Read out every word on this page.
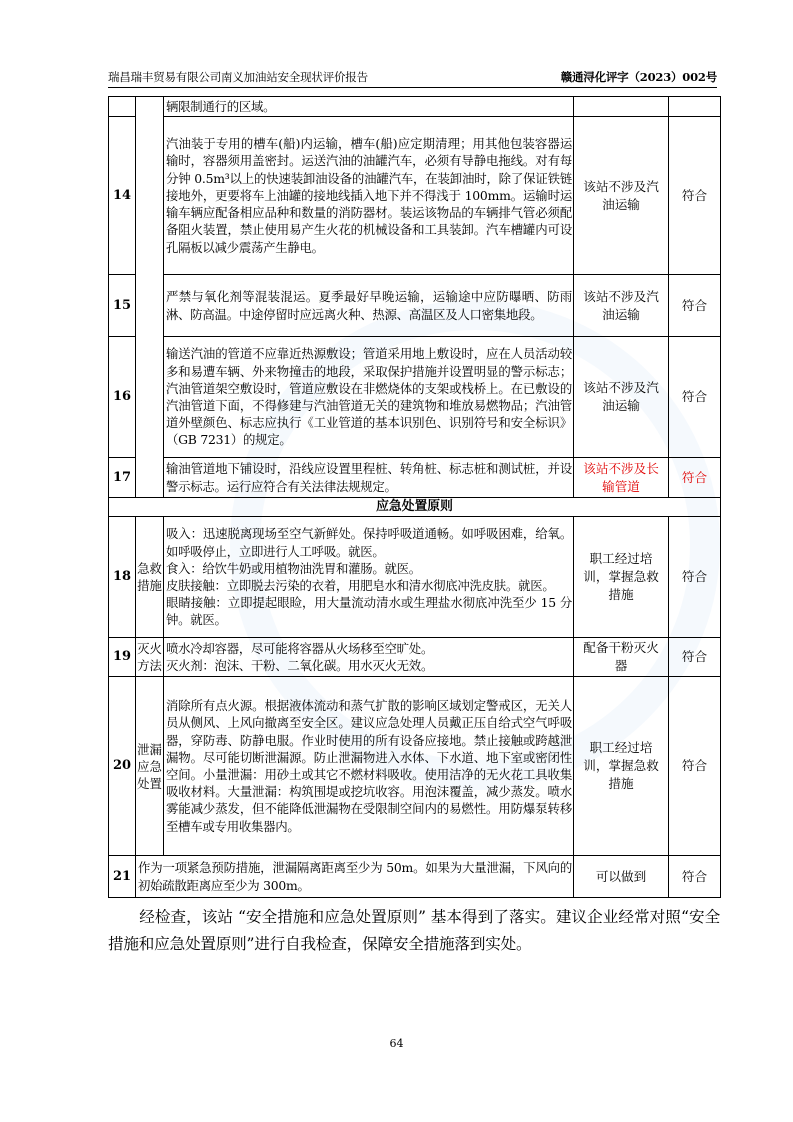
瑞昌瑞丰贸易有限公司南义加油站安全现状评价报告	赣通浔化评字（2023）002号
		辆限制通行的区域。		
14		汽油装于专用的槽车(船)内运输，槽车(船)应定期清理；用其他包装容器运输时，容器须用盖密封。运送汽油的油罐汽车，必须有导静电拖线。对有每分钟 0.5m³以上的快速装卸油设备的油罐汽车，在装卸油时，除了保证铁链接地外，更要将车上油罐的接地线插入地下并不得浅于 100mm。运输时运输车辆应配备相应品种和数量的消防器材。装运该物品的车辆排气管必须配备阻火装置，禁止使用易产生火花的机械设备和工具装卸。汽车槽罐内可设孔隔板以减少震荡产生静电。	该站不涉及汽油运输	符合
15		严禁与氧化剂等混装混运。夏季最好早晚运输，运输途中应防曝晒、防雨淋、防高温。中途停留时应远离火种、热源、高温区及人口密集地段。	该站不涉及汽油运输	符合
16		输送汽油的管道不应靠近热源敷设；管道采用地上敷设时，应在人员活动较多和易遭车辆、外来物撞击的地段，采取保护措施并设置明显的警示标志；汽油管道架空敷设时，管道应敷设在非燃烧体的支架或栈桥上。在已敷设的汽油管道下面，不得修建与汽油管道无关的建筑物和堆放易燃物品；汽油管道外壁颜色、标志应执行《工业管道的基本识别色、识别符号和安全标识》（GB 7231）的规定。	该站不涉及汽油运输	符合
17		输油管道地下铺设时，沿线应设置里程桩、转角桩、标志桩和测试桩，并设警示标志。运行应符合有关法律法规规定。	该站不涉及长输管道	符合
应急处置原则				
18	急救措施	吸入：迅速脱离现场至空气新鲜处。保持呼吸道通畅。如呼吸困难，给氧。如呼吸停止，立即进行人工呼吸。就医。
食入：给饮牛奶或用植物油洗胃和灌肠。就医。
皮肤接触：立即脱去污染的衣着，用肥皂水和清水彻底冲洗皮肤。就医。
眼睛接触：立即提起眼睑，用大量流动清水或生理盐水彻底冲洗至少 15 分钟。就医。	职工经过培训，掌握急救措施	符合
19	灭火方法	喷水冷却容器，尽可能将容器从火场移至空旷处。
灭火剂：泡沫、干粉、二氧化碳。用水灭火无效。	配备干粉灭火器	符合
20	泄漏应急处置	消除所有点火源。根据液体流动和蒸气扩散的影响区域划定警戒区，无关人员从侧风、上风向撤离至安全区。建议应急处理人员戴正压自给式空气呼吸器，穿防毒、防静电服。作业时使用的所有设备应接地。禁止接触或跨越泄漏物。尽可能切断泄漏源。防止泄漏物进入水体、下水道、地下室或密闭性空间。小量泄漏：用砂土或其它不燃材料吸收。使用洁净的无火花工具收集吸收材料。大量泄漏：构筑围堤或挖坑收容。用泡沫覆盖，减少蒸发。喷水雾能减少蒸发，但不能降低泄漏物在受限制空间内的易燃性。用防爆泵转移至槽车或专用收集器内。	职工经过培训，掌握急救措施	符合
21	作为一项紧急预防措施，泄漏隔离距离至少为 50m。如果为大量泄漏，下风向的初始疏散距离应至少为 300m。		可以做到	符合

经检查，该站 “安全措施和应急处置原则” 基本得到了落实。建议企业经常对照“安全措施和应急处置原则”进行自我检查，保障安全措施落到实处。

64
